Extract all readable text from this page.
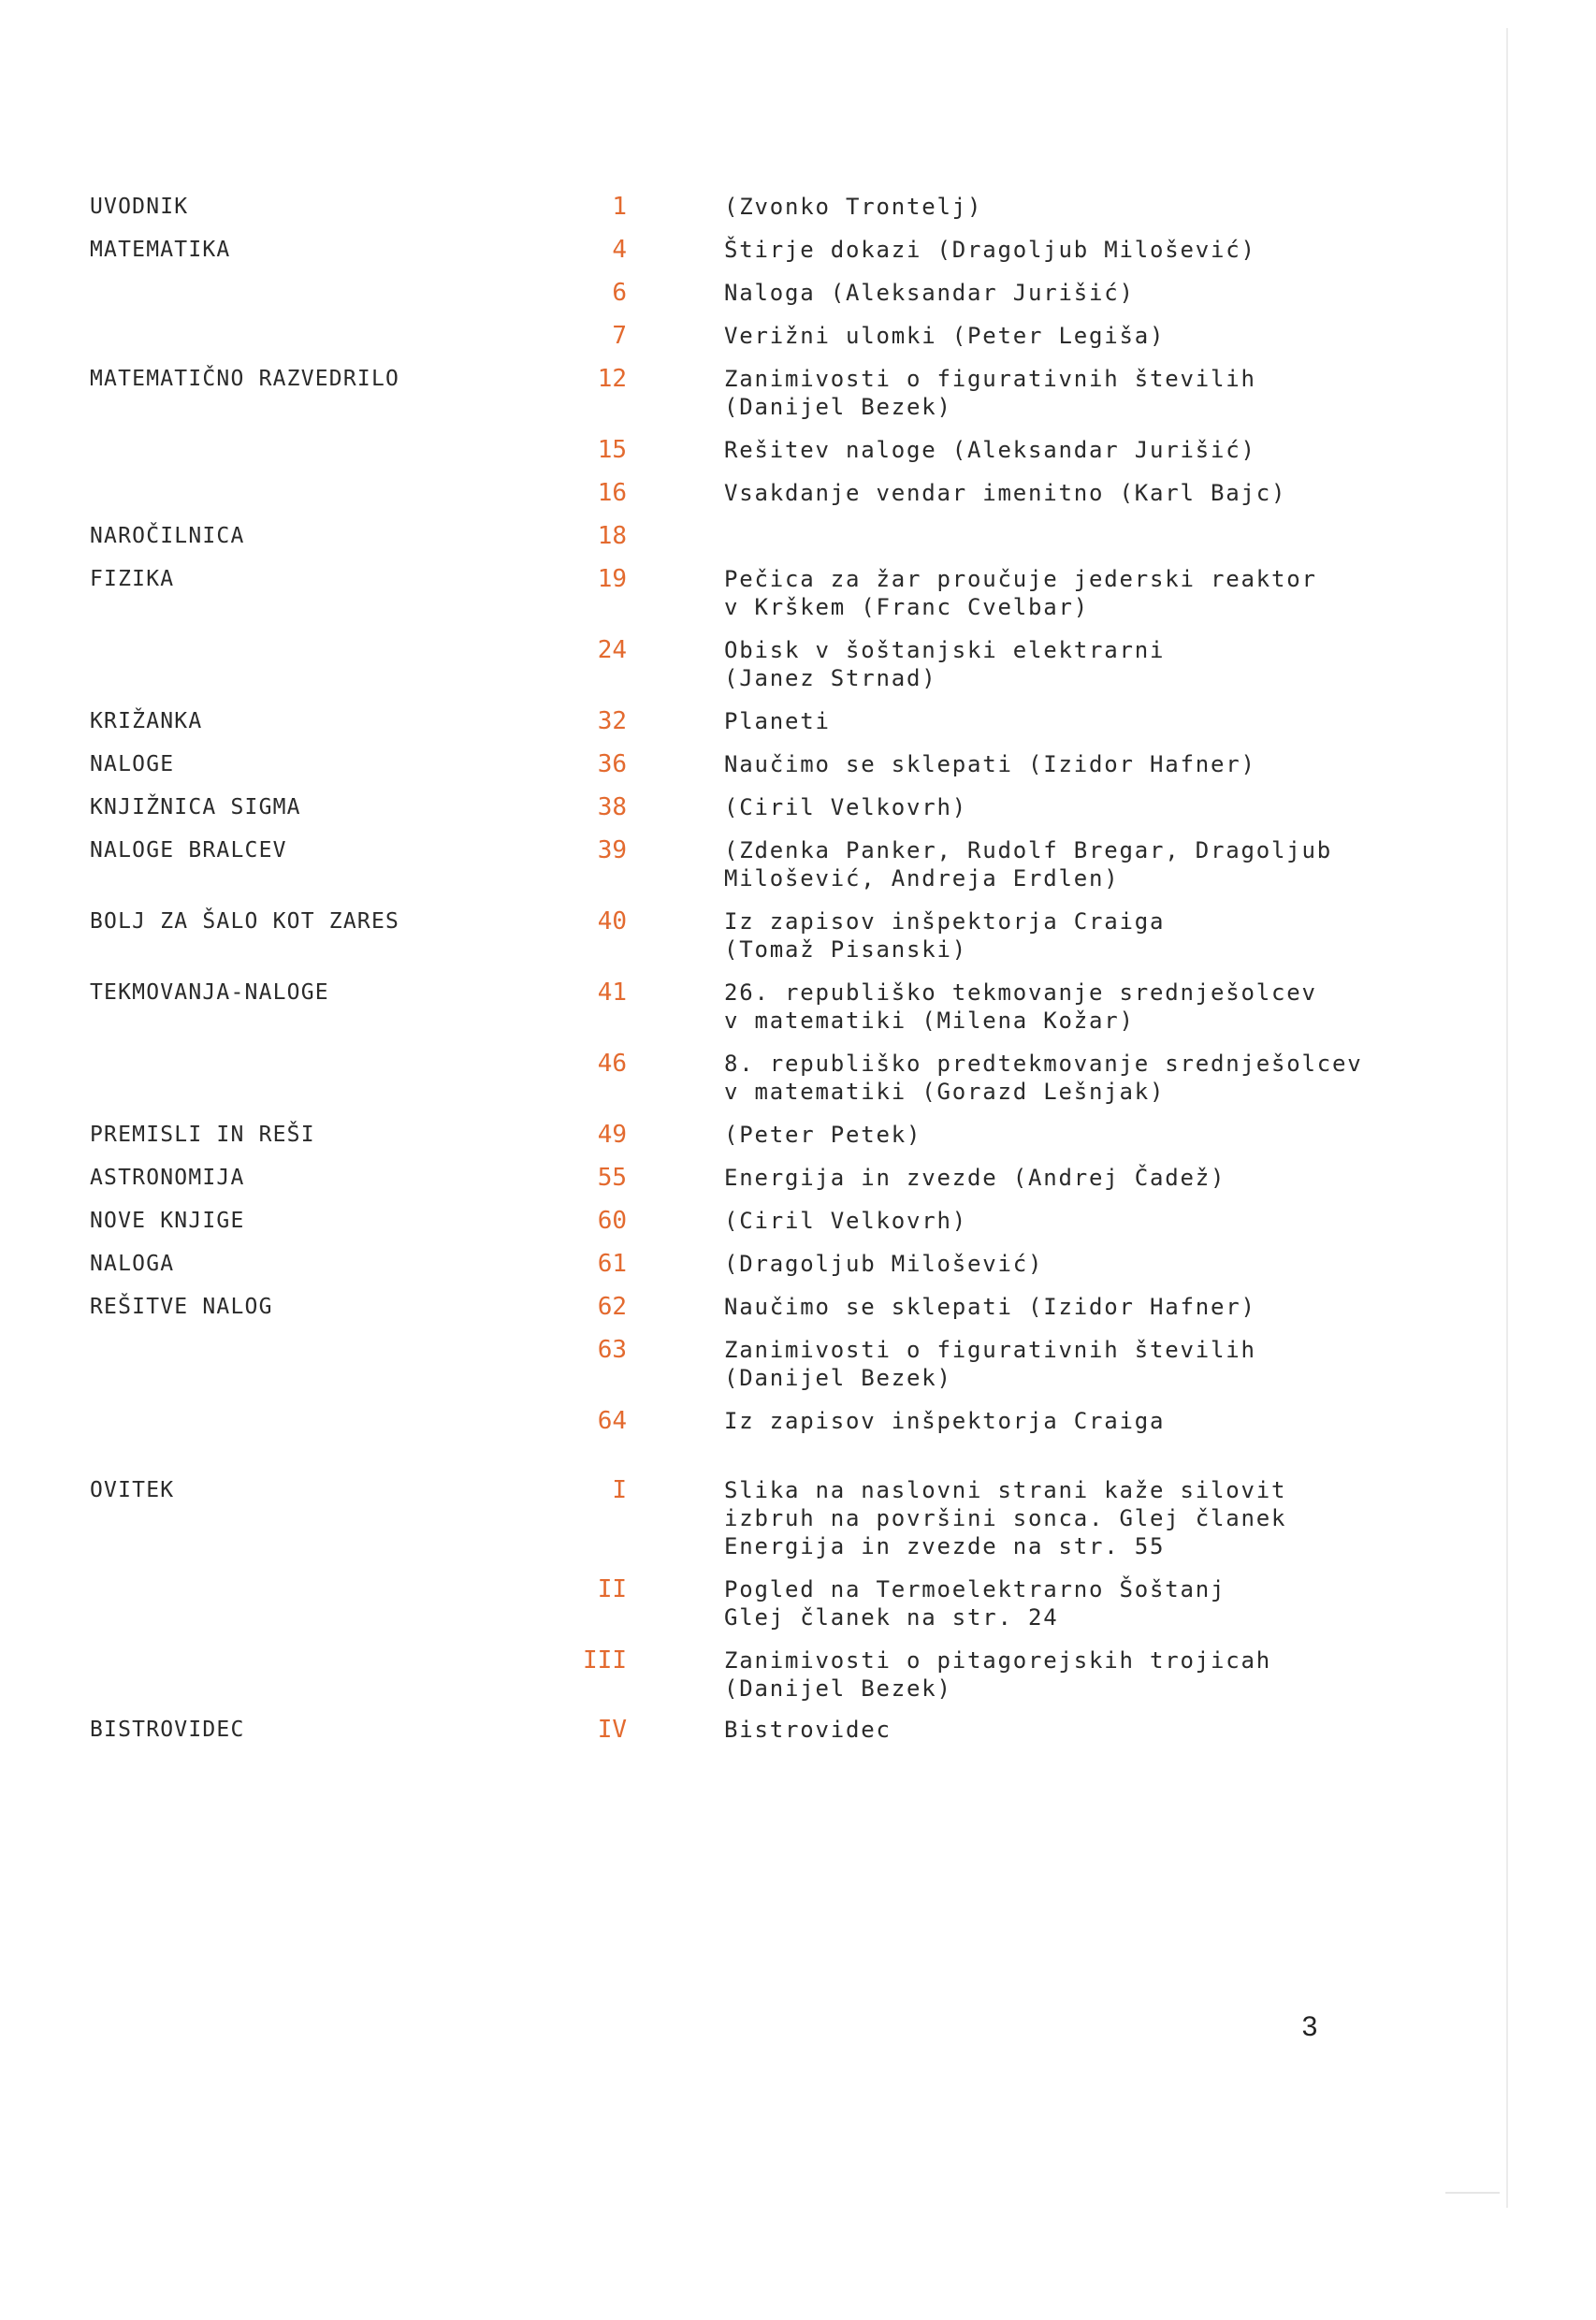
UVODNIK	1	(Zvonko Trontelj)
MATEMATIKA	4	Štirje dokazi (Dragoljub Milošević)
6	Naloga (Aleksandar Jurišić)
7	Verižni ulomki (Peter Legiša)
MATEMATIČNO RAZVEDRILO	12	Zanimivosti o figurativnih številih
(Danijel Bezek)
15	Rešitev naloge (Aleksandar Jurišić)
16	Vsakdanje vendar imenitno (Karl Bajc)
NAROČILNICA	18
FIZIKA	19	Pečica za žar proučuje jederski reaktor
v Krškem (Franc Cvelbar)
24	Obisk v šoštanjski elektrarni
(Janez Strnad)
KRIŽANKA	32	Planeti
NALOGE	36	Naučimo se sklepati (Izidor Hafner)
KNJIŽNICA SIGMA	38	(Ciril Velkovrh)
NALOGE BRALCEV	39	(Zdenka Panker, Rudolf Bregar, Dragoljub
Milošević, Andreja Erdlen)
BOLJ ZA ŠALO KOT ZARES	40	Iz zapisov inšpektorja Craiga
(Tomaž Pisanski)
TEKMOVANJA-NALOGE	41	26. republiško tekmovanje srednješolcev
v matematiki (Milena Kožar)
46	8. republiško predtekmovanje srednješolcev
v matematiki (Gorazd Lešnjak)
PREMISLI IN REŠI	49	(Peter Petek)
ASTRONOMIJA	55	Energija in zvezde (Andrej Čadež)
NOVE KNJIGE	60	(Ciril Velkovrh)
NALOGA	61	(Dragoljub Milošević)
REŠITVE NALOG	62	Naučimo se sklepati (Izidor Hafner)
63	Zanimivosti o figurativnih številih
(Danijel Bezek)
64	Iz zapisov inšpektorja Craiga
OVITEK	I	Slika na naslovni strani kaže silovit
izbruh na površini sonca. Glej članek
Energija in zvezde na str. 55
II	Pogled na Termoelektrarno Šoštanj
Glej članek na str. 24
III	Zanimivosti o pitagorejskih trojicah
(Danijel Bezek)
BISTROVIDEC	IV	Bistrovidec
3
